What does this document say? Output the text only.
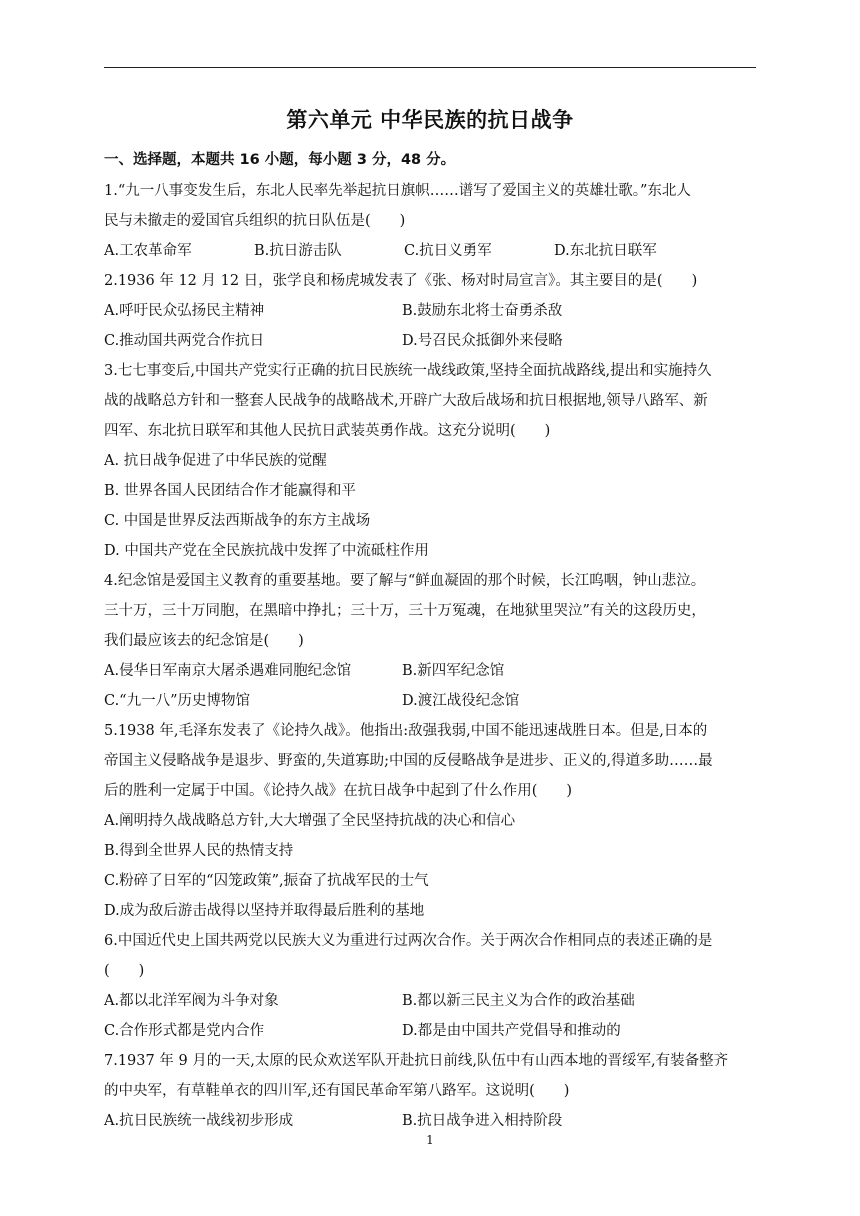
第六单元 中华民族的抗日战争
一、选择题，本题共 16 小题，每小题 3 分，48 分。
1.“九一八事变发生后，东北人民率先举起抗日旗帜……谱写了爱国主义的英雄壮歌。”东北人
民与未撤走的爱国官兵组织的抗日队伍是(　　)
A.工农革命军	B.抗日游击队	C.抗日义勇军	D.东北抗日联军
2.1936 年 12 月 12 日，张学良和杨虎城发表了《张、杨对时局宣言》。其主要目的是(　　)
A.呼吁民众弘扬民主精神	B.鼓励东北将士奋勇杀敌
C.推动国共两党合作抗日	D.号召民众抵御外来侵略
3.七七事变后,中国共产党实行正确的抗日民族统一战线政策,坚持全面抗战路线,提出和实施持久
战的战略总方针和一整套人民战争的战略战术,开辟广大敌后战场和抗日根据地,领导八路军、新
四军、东北抗日联军和其他人民抗日武装英勇作战。这充分说明(　　)
A. 抗日战争促进了中华民族的觉醒
B. 世界各国人民团结合作才能赢得和平
C. 中国是世界反法西斯战争的东方主战场
D. 中国共产党在全民族抗战中发挥了中流砥柱作用
4.纪念馆是爱国主义教育的重要基地。要了解与“鲜血凝固的那个时候，长江呜咽，钟山悲泣。
三十万，三十万同胞，在黑暗中挣扎；三十万，三十万冤魂，在地狱里哭泣”有关的这段历史，
我们最应该去的纪念馆是(　　)
A.侵华日军南京大屠杀遇难同胞纪念馆	B.新四军纪念馆
C.“九一八”历史博物馆	D.渡江战役纪念馆
5.1938 年,毛泽东发表了《论持久战》。他指出:敌强我弱,中国不能迅速战胜日本。但是,日本的
帝国主义侵略战争是退步、野蛮的,失道寡助;中国的反侵略战争是进步、正义的,得道多助……最
后的胜利一定属于中国。《论持久战》在抗日战争中起到了什么作用(　　)
A.阐明持久战战略总方针,大大增强了全民坚持抗战的决心和信心
B.得到全世界人民的热情支持
C.粉碎了日军的“囚笼政策”,振奋了抗战军民的士气
D.成为敌后游击战得以坚持并取得最后胜利的基地
6.中国近代史上国共两党以民族大义为重进行过两次合作。关于两次合作相同点的表述正确的是
(　　)
A.都以北洋军阀为斗争对象	B.都以新三民主义为合作的政治基础
C.合作形式都是党内合作	D.都是由中国共产党倡导和推动的
7.1937 年 9 月的一天,太原的民众欢送军队开赴抗日前线,队伍中有山西本地的晋绥军,有装备整齐
的中央军，有草鞋单衣的四川军,还有国民革命军第八路军。这说明(　　)
A.抗日民族统一战线初步形成	B.抗日战争进入相持阶段
1
